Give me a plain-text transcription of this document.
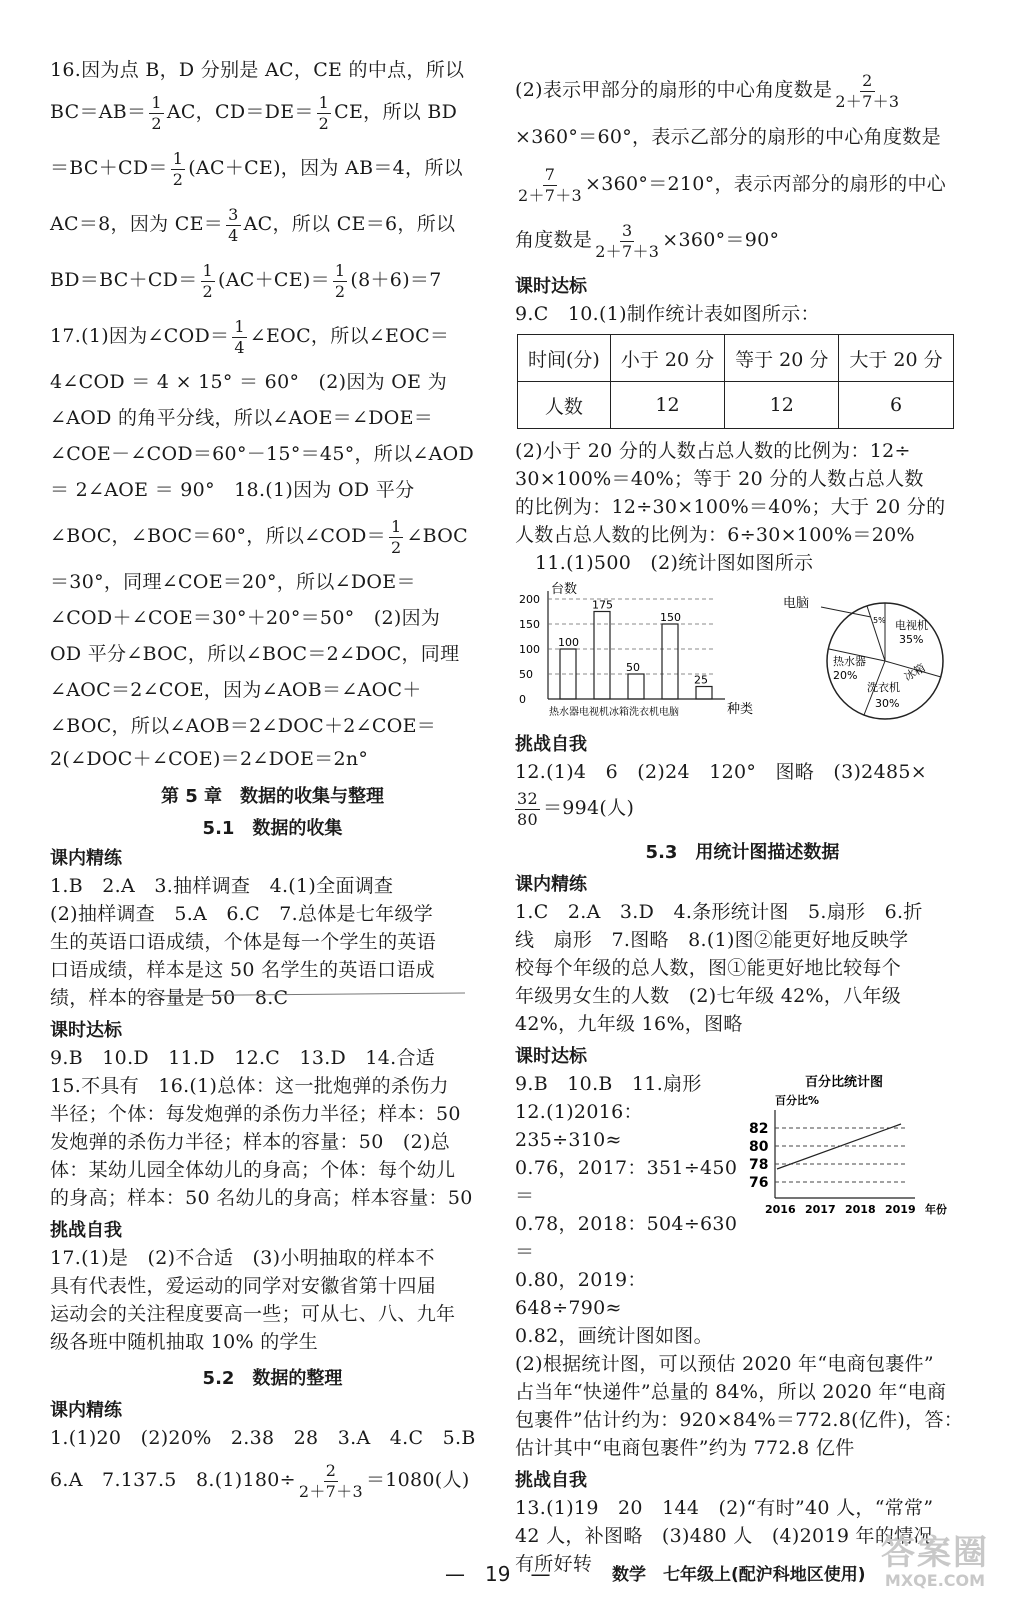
16.因为点 B，D 分别是 AC，CE 的中点，所以

$BC=AB= \frac{1}{2}$ AC，$CD=DE= \frac{1}{2}$ CE，所以 BD

$=BC+CD= \frac{1}{2} (AC+CE)$，因为 AB＝4，所以

AC＝8，因为 $CE= \frac{3}{4}$ AC，所以 CE＝6，所以

$BD=BC+CD= \frac{1}{2} (AC+CE)= \frac{1}{2} (8+6)=7$

17.(1)因为∠COD＝ $\frac{1}{4}$ ∠EOC，所以∠EOC＝

4∠COD ＝ 4 × 15° ＝ 60°　(2)因为 OE 为

∠AOD 的角平分线，所以∠AOE＝∠DOE＝

∠COE－∠COD＝60°－15°＝45°，所以∠AOD

＝ 2∠AOE ＝ 90°　18.(1)因为 OD 平分

∠BOC，∠BOC＝60°，所以∠COD＝ $\frac{1}{2}$ ∠BOC

＝30°，同理∠COE＝20°，所以∠DOE＝

∠COD＋∠COE＝30°＋20°＝50°　(2)因为

OD 平分∠BOC，所以∠BOC＝2∠DOC，同理

∠AOC＝2∠COE，因为∠AOB＝∠AOC＋

∠BOC，所以∠AOB＝2∠DOC＋2∠COE＝

2(∠DOC＋∠COE)＝2∠DOE＝2n°

第 5 章　数据的收集与整理

5.1　数据的收集

课内精练

1.B　2.A　3.抽样调查　4.(1)全面调查

(2)抽样调查　5.A　6.C　7.总体是七年级学

生的英语口语成绩，个体是每一个学生的英语

口语成绩，样本是这 50 名学生的英语口语成

绩，样本的容量是 50　8.C

课时达标

9.B　10.D　11.D　12.C　13.D　14.合适

15.不具有　16.(1)总体：这一批炮弹的杀伤力

半径；个体：每发炮弹的杀伤力半径；样本：50

发炮弹的杀伤力半径；样本的容量：50　(2)总

体：某幼儿园全体幼儿的身高；个体：每个幼儿

的身高；样本：50 名幼儿的身高；样本容量：50

挑战自我

17.(1)是　(2)不合适　(3)小明抽取的样本不

具有代表性，爱运动的同学对安徽省第十四届

运动会的关注程度要高一些；可从七、八、九年

级各班中随机抽取 10% 的学生

5.2　数据的整理

课内精练

1.(1)20　(2)20%　2.38　28　3.A　4.C　5.B

6.A　7.137.5　$8.(1)180\div \frac{2}{2+7+3} =1080$(人)

(2)表示甲部分的扇形的中心角度数是 $\frac{2}{2+7+3}$

×360°＝60°，表示乙部分的扇形的中心角度数是

$\frac{7}{2+7+3} \times 360^\circ=210^\circ$，表示丙部分的扇形的中心

角度数是 $\frac{3}{2+7+3} \times 360^\circ=90^\circ$

课时达标

9.C　10.(1)制作统计表如图所示：

时间(分)	小于 20 分	等于 20 分	大于 20 分
人数	12	12	6

(2)小于 20 分的人数占总人数的比例为：12÷

30×100%＝40%；等于 20 分的人数占总人数

的比例为：12÷30×100%＝40%；大于 20 分的

人数占总人数的比例为：6÷30×100%＝20%

11.(1)500　(2)统计图如图所示

台数
0
50
100
150
200
100
175
50
150
25
种类
热水器电视机冰箱洗衣机电脑
电脑
5% 电视机
35%
冰箱
洗衣机
30%
热水器
20%

挑战自我

12.(1)4　6　(2)24　120°　图略　(3)2485×

$\frac{32}{80} =994$(人)

5.3　用统计图描述数据

课内精练

1.C　2.A　3.D　4.条形统计图　5.扇形　6.折

线　扇形　7.图略　8.(1)图②能更好地反映学

校每个年级的总人数，图①能更好地比较每个

年级男女生的人数　(2)七年级 42%，八年级

42%，九年级 16%，图略

课时达标

9.B　10.B　11.扇形

12.(1)2016：235÷310≈

0.76，2017：351÷450＝

0.78，2018：504÷630＝

0.80，2019：648÷790≈

百分比统计图
百分比%
76
78
80
82
2016 2017 2018 2019 年份

0.82，画统计图如图。

(2)根据统计图，可以预估 2020 年“电商包裹件”

占当年“快递件”总量的 84%，所以 2020 年“电商

包裹件”估计约为：920×84%＝772.8(亿件)，答：

估计其中“电商包裹件”约为 772.8 亿件

挑战自我

13.(1)19　20　144　(2)“有时”40 人，“常常”

42 人，补图略　(3)480 人　(4)2019 年的情况

有所好转

—　19　—	数学　七年级上(配沪科地区使用)
答案圈
MXQE.COM
